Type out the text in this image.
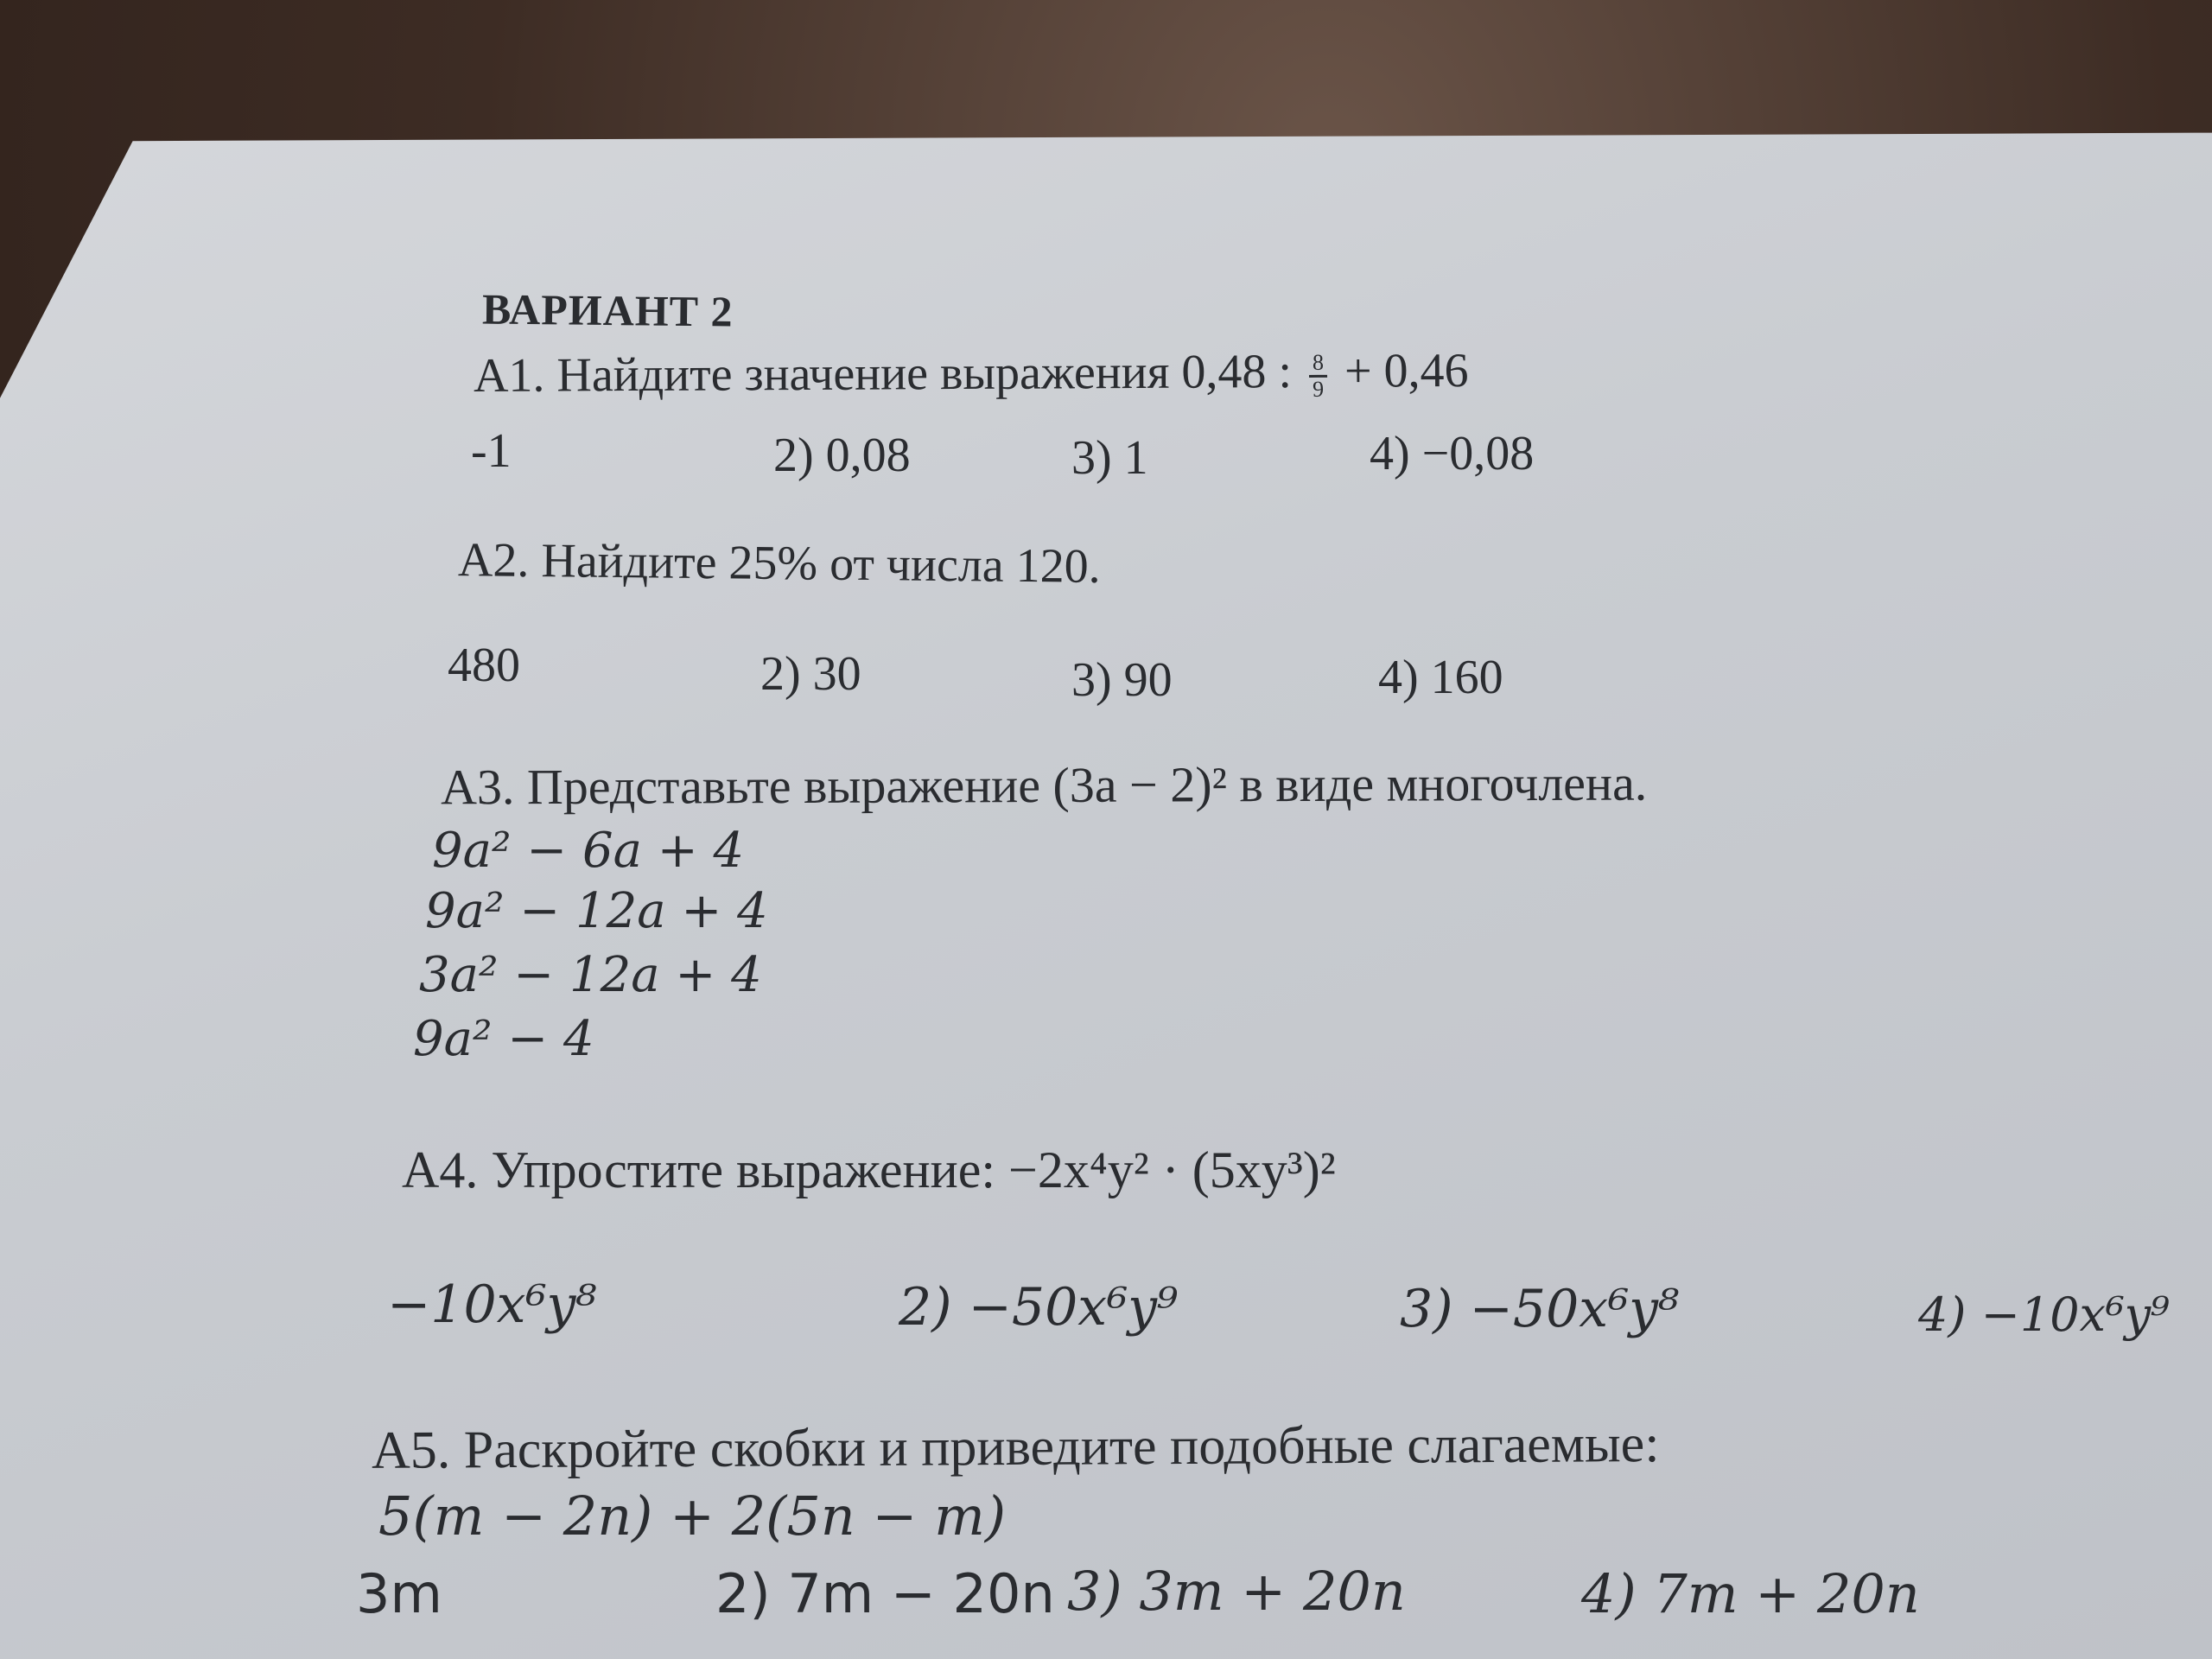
ВАРИАНТ 2
А1. Найдите значение выражения 0,48 : $\frac{8}{9} + 0,46$
-1	2) 0,08	3) 1	4) −0,08
А2. Найдите 25% от числа 120.
480	2) 30	3) 90	4) 160
А3. Представьте выражение (3a − 2)² в виде многочлена.
9a² − 6a + 4
9a² − 12a + 4
3a² − 12a + 4
9a² − 4
А4. Упростите выражение: −2x⁴y² · (5xy³)²
−10x⁶y⁸	2) −50x⁶y⁹	3) −50x⁶y⁸	4) −10x⁶y⁹
А5. Раскройте скобки и приведите подобные слагаемые:
5(m − 2n) + 2(5n − m)
3m	2) 7m − 20n 3) 3m + 20n	4) 7m + 20n
